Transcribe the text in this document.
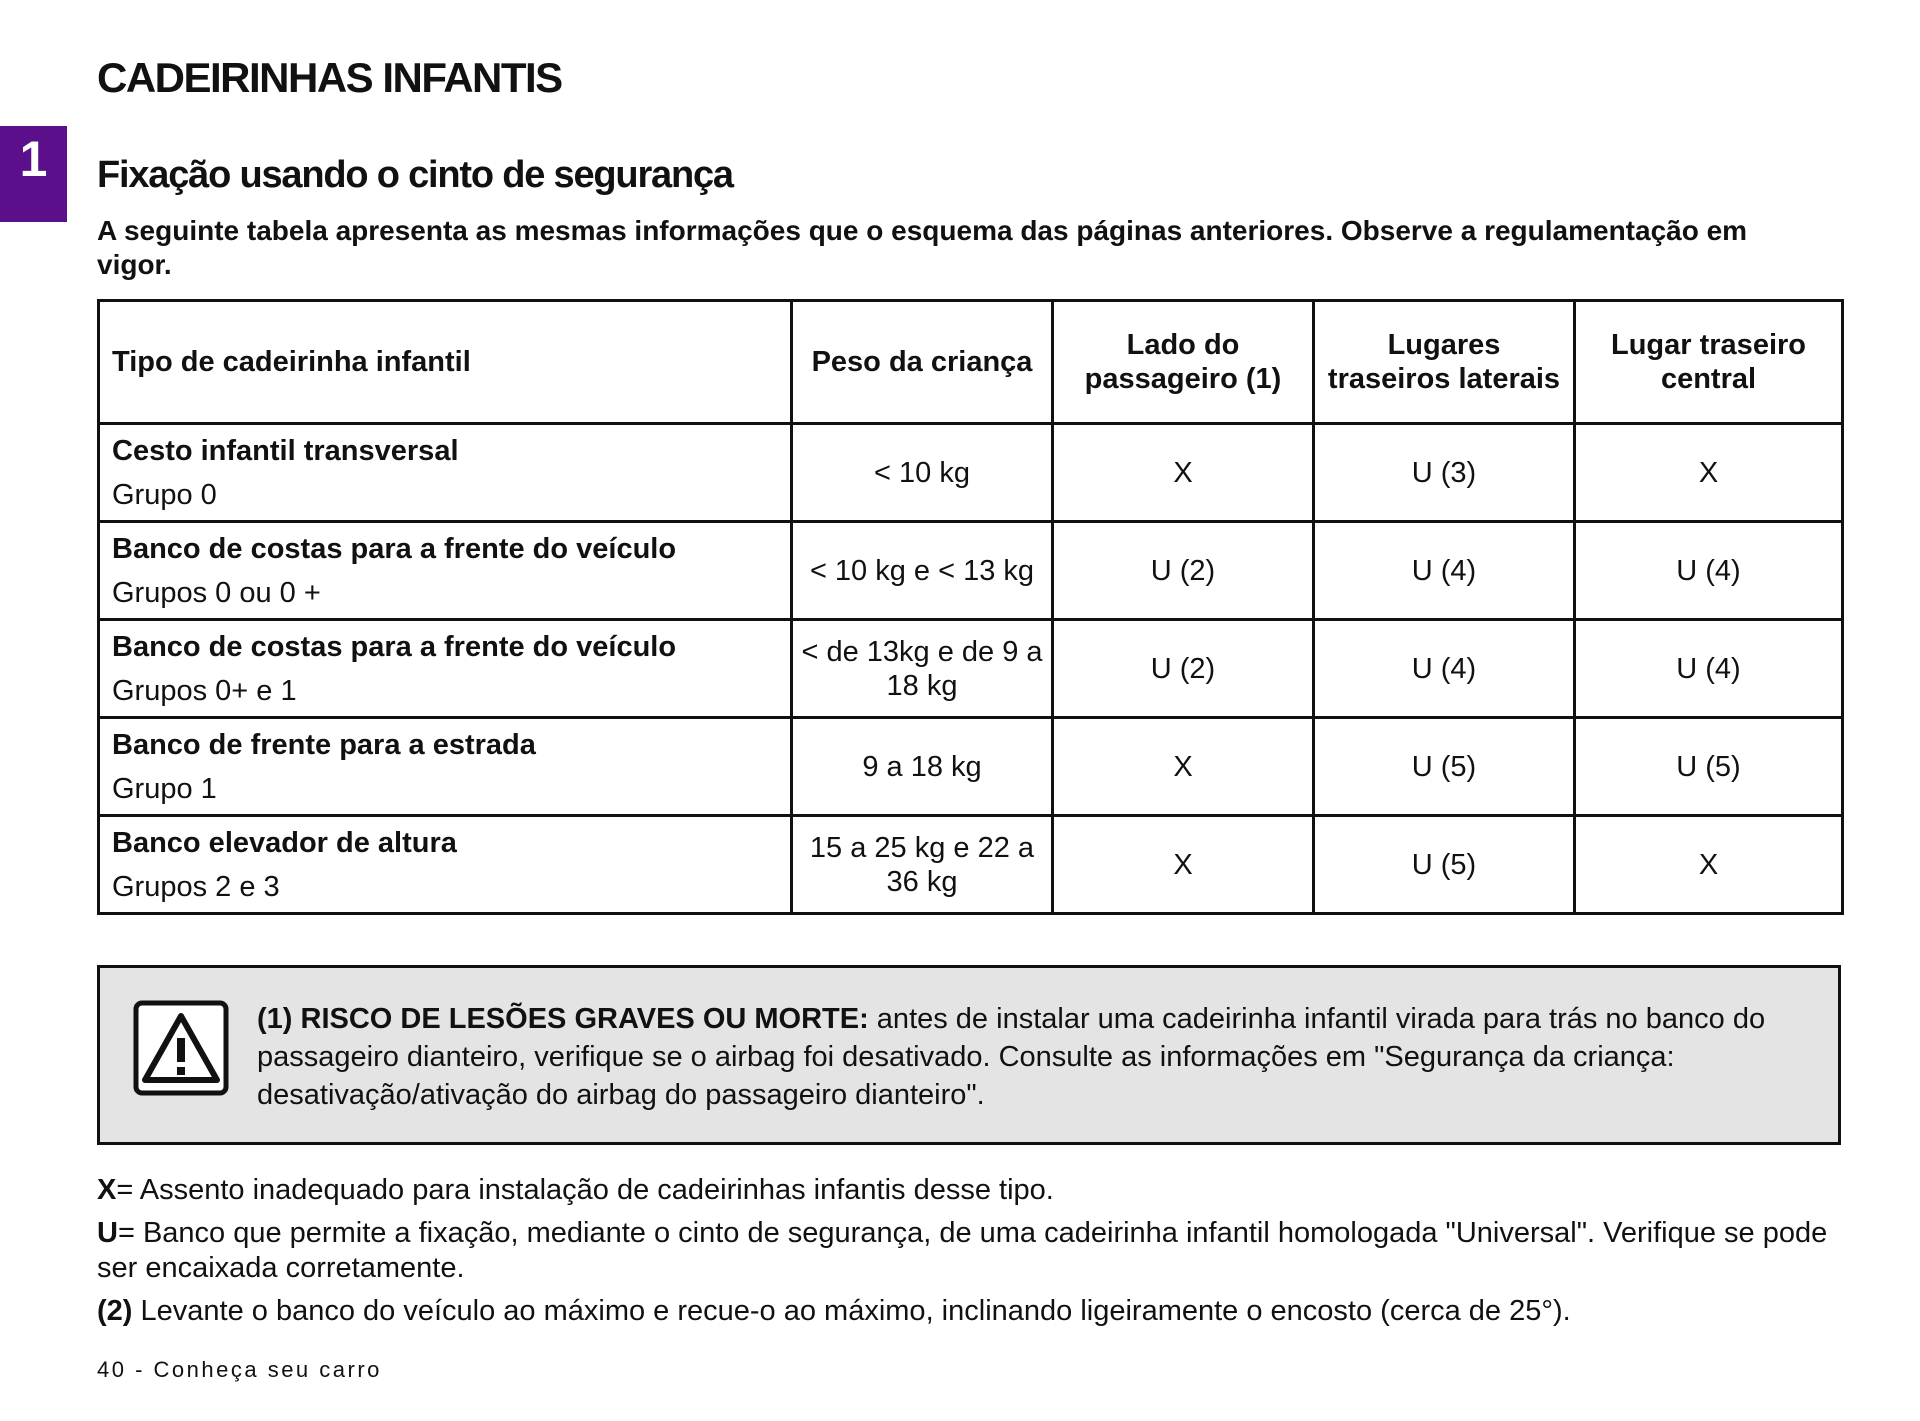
1
CADEIRINHAS INFANTIS
Fixação usando o cinto de segurança

A seguinte tabela apresenta as mesmas informações que o esquema das páginas anteriores. Observe a regulamentação em vigor.

Tipo de cadeirinha infantil	Peso da criança	Lado do passageiro (1)	Lugares traseiros laterais	Lugar traseiro central

Cesto infantil transversal
Grupo 0	< 10 kg	X	U (3)	X

Banco de costas para a frente do veículo
Grupos 0 ou 0 +	< 10 kg e < 13 kg	U (2)	U (4)	U (4)

Banco de costas para a frente do veículo
Grupos 0+ e 1	< de 13kg e de 9 a 18 kg	U (2)	U (4)	U (4)

Banco de frente para a estrada
Grupo 1	9 a 18 kg	X	U (5)	U (5)

Banco elevador de altura
Grupos 2 e 3	15 a 25 kg e 22 a 36 kg	X	U (5)	X

(1) RISCO DE LESÕES GRAVES OU MORTE: antes de instalar uma cadeirinha infantil virada para trás no banco do passageiro dianteiro, verifique se o airbag foi desativado. Consulte as informações em "Segurança da criança: desativação/ativação do airbag do passageiro dianteiro".

X= Assento inadequado para instalação de cadeirinhas infantis desse tipo.

U= Banco que permite a fixação, mediante o cinto de segurança, de uma cadeirinha infantil homologada "Universal". Verifique se pode ser encaixada corretamente.

(2) Levante o banco do veículo ao máximo e recue-o ao máximo, inclinando ligeiramente o encosto (cerca de 25°).

40 - Conheça seu carro
